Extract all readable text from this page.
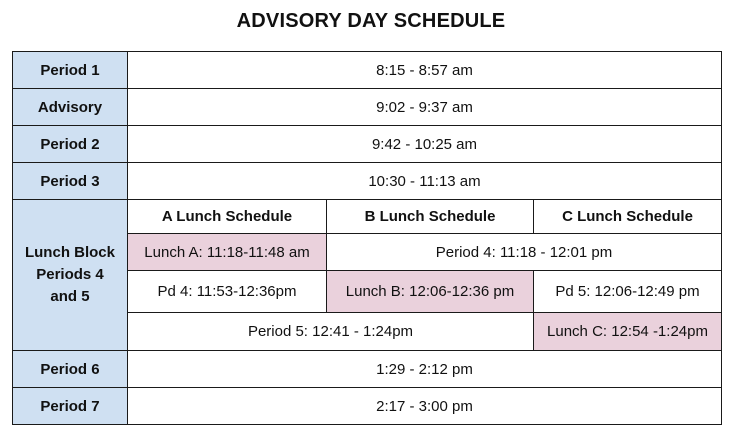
ADVISORY DAY SCHEDULE
Period 1	8:15 - 8:57 am		
Advisory	9:02 - 9:37 am		
Period 2	9:42 - 10:25 am		
Period 3	10:30 - 11:13 am		
Lunch Block
Periods 4
and 5	A Lunch Schedule	B Lunch Schedule	C Lunch Schedule
	Lunch A: 11:18-11:48 am	Period 4: 11:18 - 12:01 pm	
	Pd 4: 11:53-12:36pm	Lunch B: 12:06-12:36 pm	Pd 5: 12:06-12:49 pm
	Period 5: 12:41 - 1:24pm		Lunch C: 12:54 -1:24pm
Period 6	1:29 - 2:12 pm		
Period 7	2:17 - 3:00 pm		
